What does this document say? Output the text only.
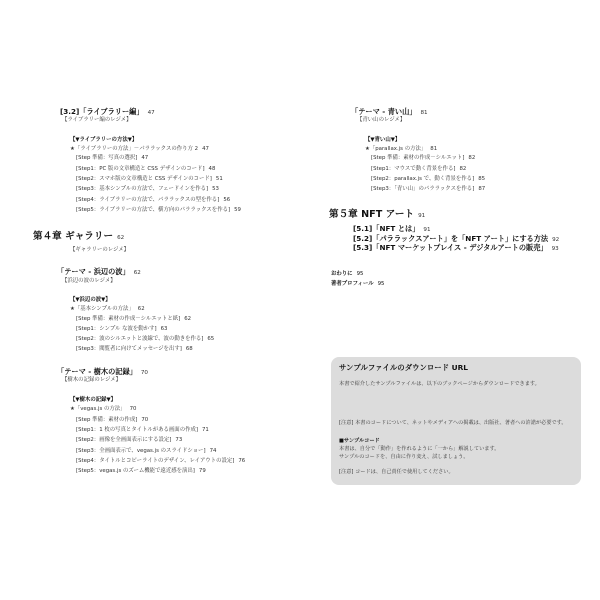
[3.2]「ライブラリー編」 47
【ライブラリー編のレジメ】
【▼ライブラリーの方法▼】
★「ライブラリーの方法」－パララックスの作り方 2 47
[Step 準備：写真の選択] 47
[Step1：PC 版の文章構造と CSS デザインのコード] 48
[Step2：スマホ版の文章構造と CSS デザインのコード] 51
[Step3：基本シンプルの方法で、フェードインを作る] 53
[Step4：ライブラリーの方法で、パララックスの型を作る] 56
[Step5：ライブラリーの方法で、横方向のパララックスを作る] 59
第４章 ギャラリー 62
【ギャラリーのレジメ】
「テーマ - 浜辺の波」 62
【浜辺の波のレジメ】
【▼浜辺の波▼】
★「基本シンプルの方法」 62
[Step 準備：素材の作成－シルエットと紙] 62
[Step1：シンプル な波を動かす] 63
[Step2：波のシルエットと波線で、波の動きを作る] 65
[Step3：閲覧者に向けてメッセージを出す] 68
「テーマ - 樹木の記録」 70
【樹木の記録のレジメ】
【▼樹木の記録▼】
★「vegas.js の方法」 70
[Step 準備：素材の作成] 70
[Step1：1 枚の写真とタイトルがある画面の作成] 71
[Step2：画像を全画面表示にする設定] 73
[Step3：全画面表示で、vegas.js のスライドショー] 74
[Step4：タイトルとコピーライトのデザイン、レイアウトの設定] 76
[Step5：vegas.js のズーム機能で遠近感を演出] 79
「テーマ - 青い山」 81
【青い山のレジメ】
【▼青い山▼】
★「parallax.js の方法」 81
[Step 準備：素材の作成－シルエット] 82
[Step1：マウスで動く背景を作る] 82
[Step2：parallax.js で、動く背景を作る] 85
[Step3：「青い山」のパララックスを作る] 87
第５章 NFT アート 91
[5.1]「NFT とは」 91
[5.2]「パララックスアート」を「NFT アート」にする方法 92
[5.3]「NFT マーケットプレイス - デジタルアートの販売」 93
おわりに 95
著者プロフィール 95
サンプルファイルのダウンロード URL
本書で紹介したサンプルファイルは、以下のブックページからダウンロードできます。
[注意] 本書のコードについて、ネットやメディアへの掲載は、出版社、著者への許諾が必要です。
■サンプルコード
本書は、自分で「動作」を作れるように「一から」解説しています。
サンプルのコードを、自由に作り変え、試しましょう。
[注意] コードは、自己責任で使用してください。
